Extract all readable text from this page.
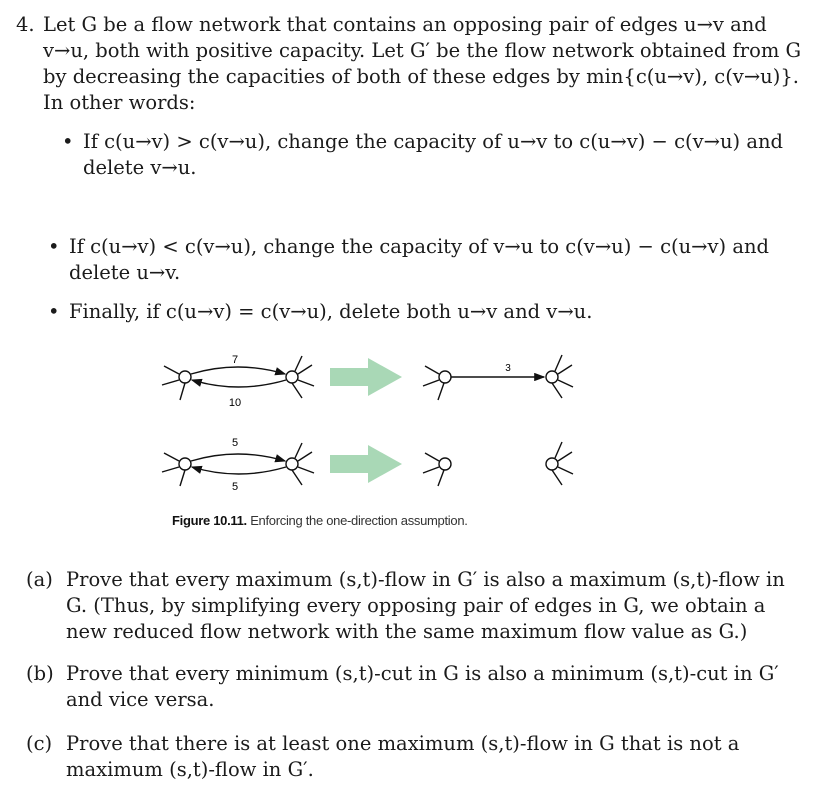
4. Let G be a flow network that contains an opposing pair of edges u→v and v→u, both with positive capacity. Let G′ be the flow network obtained from G by decreasing the capacities of both of these edges by min{c(u→v), c(v→u)}. In other words:
• If c(u→v) > c(v→u), change the capacity of u→v to c(u→v) − c(v→u) and delete v→u.
• If c(u→v) < c(v→u), change the capacity of v→u to c(v→u) − c(u→v) and delete u→v.
• Finally, if c(u→v) = c(v→u), delete both u→v and v→u.
7
10
3
5
5
Figure 10.11. Enforcing the one-direction assumption.
(a) Prove that every maximum (s,t)-flow in G′ is also a maximum (s,t)-flow in G. (Thus, by simplifying every opposing pair of edges in G, we obtain a new reduced flow network with the same maximum flow value as G.)
(b) Prove that every minimum (s,t)-cut in G is also a minimum (s,t)-cut in G′ and vice versa.
(c) Prove that there is at least one maximum (s,t)-flow in G that is not a maximum (s,t)-flow in G′.
